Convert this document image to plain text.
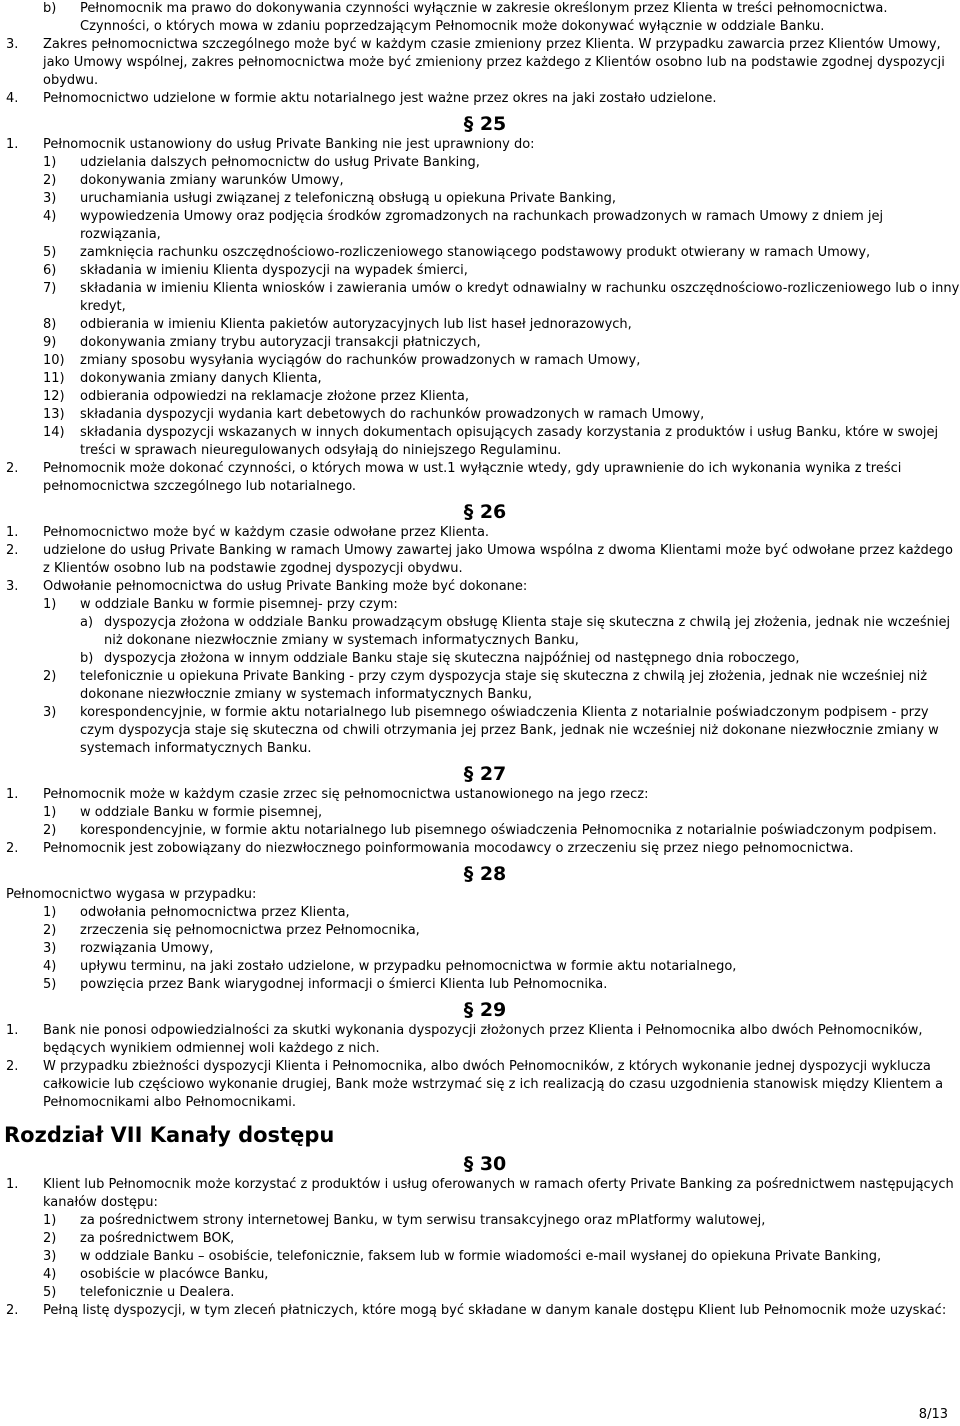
b) Pełnomocnik ma prawo do dokonywania czynności wyłącznie w zakresie określonym przez Klienta w treści pełnomocnictwa. Czynności, o których mowa w zdaniu poprzedzającym Pełnomocnik może dokonywać wyłącznie w oddziale Banku.
3. Zakres pełnomocnictwa szczególnego może być w każdym czasie zmieniony przez Klienta. W przypadku zawarcia przez Klientów Umowy, jako Umowy wspólnej, zakres pełnomocnictwa może być zmieniony przez każdego z Klientów osobno lub na podstawie zgodnej dyspozycji obydwu.
4. Pełnomocnictwo udzielone w formie aktu notarialnego jest ważne przez okres na jaki zostało udzielone.
§ 25
1. Pełnomocnik ustanowiony do usług Private Banking nie jest uprawniony do:
1) udzielania dalszych pełnomocnictw do usług Private Banking,
2) dokonywania zmiany warunków Umowy,
3) uruchamiania usługi związanej z telefoniczną obsługą u opiekuna Private Banking,
4) wypowiedzenia Umowy oraz podjęcia środków zgromadzonych na rachunkach prowadzonych w ramach Umowy z dniem jej rozwiązania,
5) zamknięcia rachunku oszczędnościowo-rozliczeniowego stanowiącego podstawowy produkt otwierany w ramach Umowy,
6) składania w imieniu Klienta dyspozycji na wypadek śmierci,
7) składania w imieniu Klienta wniosków i zawierania umów o kredyt odnawialny w rachunku oszczędnościowo-rozliczeniowego lub o inny kredyt,
8) odbierania w imieniu Klienta pakietów autoryzacyjnych lub list haseł jednorazowych,
9) dokonywania zmiany trybu autoryzacji transakcji płatniczych,
10) zmiany sposobu wysyłania wyciągów do rachunków prowadzonych w ramach Umowy,
11) dokonywania zmiany danych Klienta,
12) odbierania odpowiedzi na reklamacje złożone przez Klienta,
13) składania dyspozycji wydania kart debetowych do rachunków prowadzonych w ramach Umowy,
14) składania dyspozycji wskazanych w innych dokumentach opisujących zasady korzystania z produktów i usług Banku, które w swojej treści w sprawach nieuregulowanych odsyłają do niniejszego Regulaminu.
2. Pełnomocnik może dokonać czynności, o których mowa w ust.1 wyłącznie wtedy, gdy uprawnienie do ich wykonania wynika z treści pełnomocnictwa szczególnego lub notarialnego.
§ 26
1. Pełnomocnictwo może być w każdym czasie odwołane przez Klienta.
2. udzielone do usług Private Banking w ramach Umowy zawartej jako Umowa wspólna z dwoma Klientami może być odwołane przez każdego z Klientów osobno lub na podstawie zgodnej dyspozycji obydwu.
3. Odwołanie pełnomocnictwa do usług Private Banking może być dokonane:
1) w oddziale Banku w formie pisemnej- przy czym:
a) dyspozycja złożona w oddziale Banku prowadzącym obsługę Klienta staje się skuteczna z chwilą jej złożenia, jednak nie wcześniej niż dokonane niezwłocznie zmiany w systemach informatycznych Banku,
b) dyspozycja złożona w innym oddziale Banku staje się skuteczna najpóźniej od następnego dnia roboczego,
2) telefonicznie u opiekuna Private Banking - przy czym dyspozycja staje się skuteczna z chwilą jej złożenia, jednak nie wcześniej niż dokonane niezwłocznie zmiany w systemach informatycznych Banku,
3) korespondencyjnie, w formie aktu notarialnego lub pisemnego oświadczenia Klienta z notarialnie poświadczonym podpisem - przy czym dyspozycja staje się skuteczna od chwili otrzymania jej przez Bank, jednak nie wcześniej niż dokonane niezwłocznie zmiany w systemach informatycznych Banku.
§ 27
1. Pełnomocnik może w każdym czasie zrzec się pełnomocnictwa ustanowionego na jego rzecz:
1) w oddziale Banku w formie pisemnej,
2) korespondencyjnie, w formie aktu notarialnego lub pisemnego oświadczenia Pełnomocnika z notarialnie poświadczonym podpisem.
2. Pełnomocnik jest zobowiązany do niezwłocznego poinformowania mocodawcy o zrzeczeniu się przez niego pełnomocnictwa.
§ 28
Pełnomocnictwo wygasa w przypadku:
1) odwołania pełnomocnictwa przez Klienta,
2) zrzeczenia się pełnomocnictwa przez Pełnomocnika,
3) rozwiązania Umowy,
4) upływu terminu, na jaki zostało udzielone, w przypadku pełnomocnictwa w formie aktu notarialnego,
5) powzięcia przez Bank wiarygodnej informacji o śmierci Klienta lub Pełnomocnika.
§ 29
1. Bank nie ponosi odpowiedzialności za skutki wykonania dyspozycji złożonych przez Klienta i Pełnomocnika albo dwóch Pełnomocników, będących wynikiem odmiennej woli każdego z nich.
2. W przypadku zbieżności dyspozycji Klienta i Pełnomocnika, albo dwóch Pełnomocników, z których wykonanie jednej dyspozycji wyklucza całkowicie lub częściowo wykonanie drugiej, Bank może wstrzymać się z ich realizacją do czasu uzgodnienia stanowisk między Klientem a Pełnomocnikami albo Pełnomocnikami.
Rozdział VII Kanały dostępu
§ 30
1. Klient lub Pełnomocnik może korzystać z produktów i usług oferowanych w ramach oferty Private Banking za pośrednictwem następujących kanałów dostępu:
1) za pośrednictwem strony internetowej Banku, w tym serwisu transakcyjnego oraz mPlatformy walutowej,
2) za pośrednictwem BOK,
3) w oddziale Banku – osobiście, telefonicznie, faksem lub w formie wiadomości e-mail wysłanej do opiekuna Private Banking,
4) osobiście w placówce Banku,
5) telefonicznie u Dealera.
2. Pełną listę dyspozycji, w tym zleceń płatniczych, które mogą być składane w danym kanale dostępu Klient lub Pełnomocnik może uzyskać:
8/13
